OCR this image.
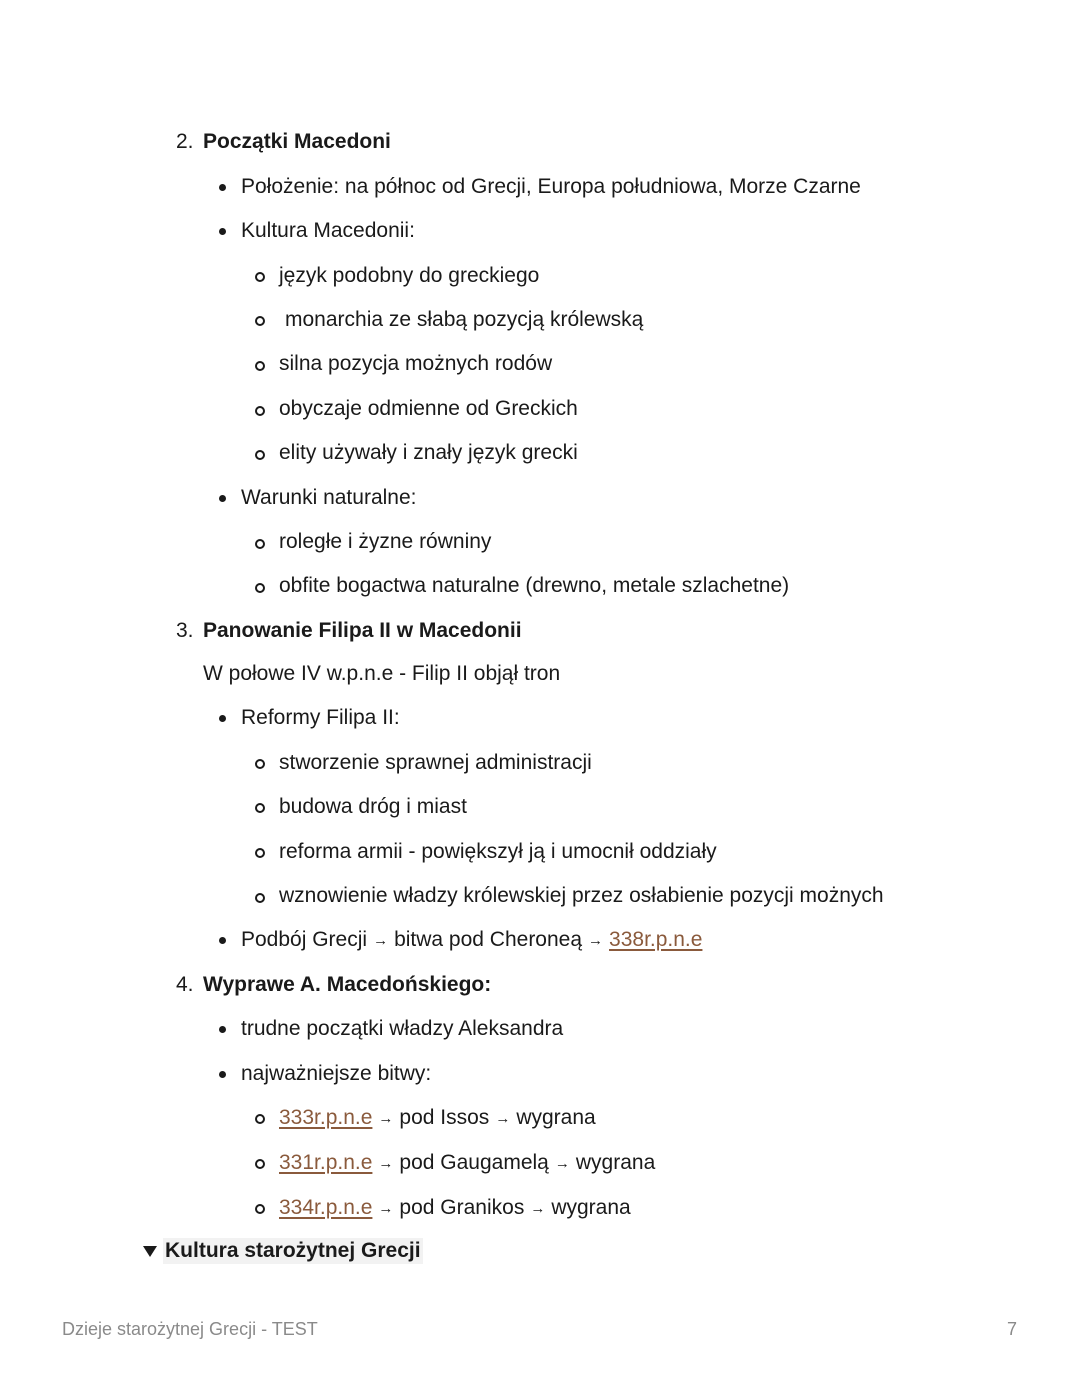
2. Początki Macedoni
Położenie: na północ od Grecji, Europa południowa, Morze Czarne
Kultura Macedonii:
język podobny do greckiego
monarchia ze słabą pozycją królewską
silna pozycja możnych rodów
obyczaje odmienne od Greckich
elity używały i znały język grecki
Warunki naturalne:
roległe i żyzne równiny
obfite bogactwa naturalne (drewno, metale szlachetne)
3. Panowanie Filipa II w Macedonii
W połowe IV w.p.n.e - Filip II objął tron
Reformy Filipa II:
stworzenie sprawnej administracji
budowa dróg i miast
reforma armii - powiększył ją i umocnił oddziały
wznowienie władzy królewskiej przez osłabienie pozycji możnych
Podbój Grecji → bitwa pod Cheroneą → 338r.p.n.e
4. Wyprawe A. Macedońskiego:
trudne początki władzy Aleksandra
najważniejsze bitwy:
333r.p.n.e → pod Issos → wygrana
331r.p.n.e → pod Gaugamelą → wygrana
334r.p.n.e → pod Granikos → wygrana
Kultura starożytnej Grecji
Dzieje starożytnej Grecji - TEST	7
